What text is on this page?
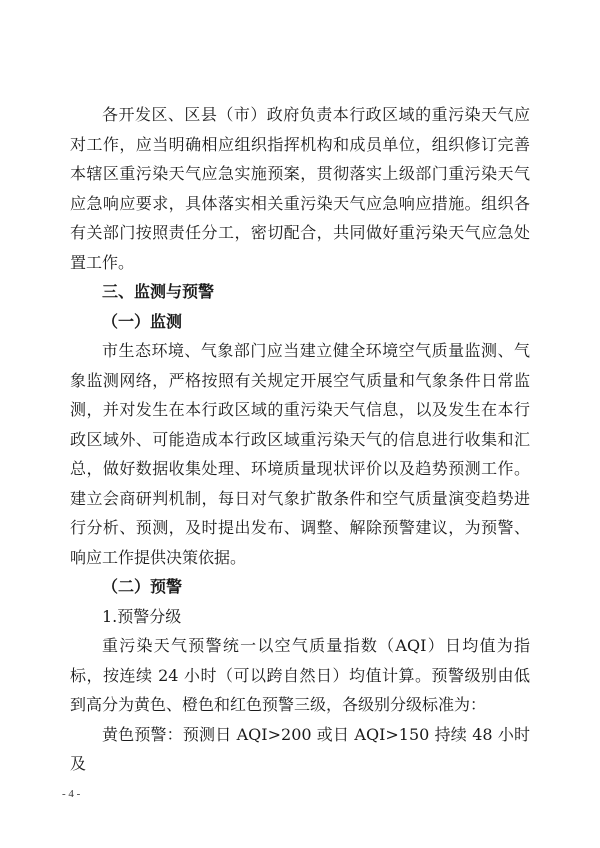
各开发区、区县（市）政府负责本行政区域的重污染天气应对工作，应当明确相应组织指挥机构和成员单位，组织修订完善本辖区重污染天气应急实施预案，贯彻落实上级部门重污染天气应急响应要求，具体落实相关重污染天气应急响应措施。组织各有关部门按照责任分工，密切配合，共同做好重污染天气应急处置工作。

三、监测与预警

（一）监测

市生态环境、气象部门应当建立健全环境空气质量监测、气象监测网络，严格按照有关规定开展空气质量和气象条件日常监测，并对发生在本行政区域的重污染天气信息，以及发生在本行政区域外、可能造成本行政区域重污染天气的信息进行收集和汇总，做好数据收集处理、环境质量现状评价以及趋势预测工作。建立会商研判机制，每日对气象扩散条件和空气质量演变趋势进行分析、预测，及时提出发布、调整、解除预警建议，为预警、响应工作提供决策依据。

（二）预警

1.预警分级

重污染天气预警统一以空气质量指数（AQI）日均值为指标，按连续 24 小时（可以跨自然日）均值计算。预警级别由低到高分为黄色、橙色和红色预警三级，各级别分级标准为：

黄色预警：预测日 AQI>200 或日 AQI>150 持续 48 小时及

- 4 -
